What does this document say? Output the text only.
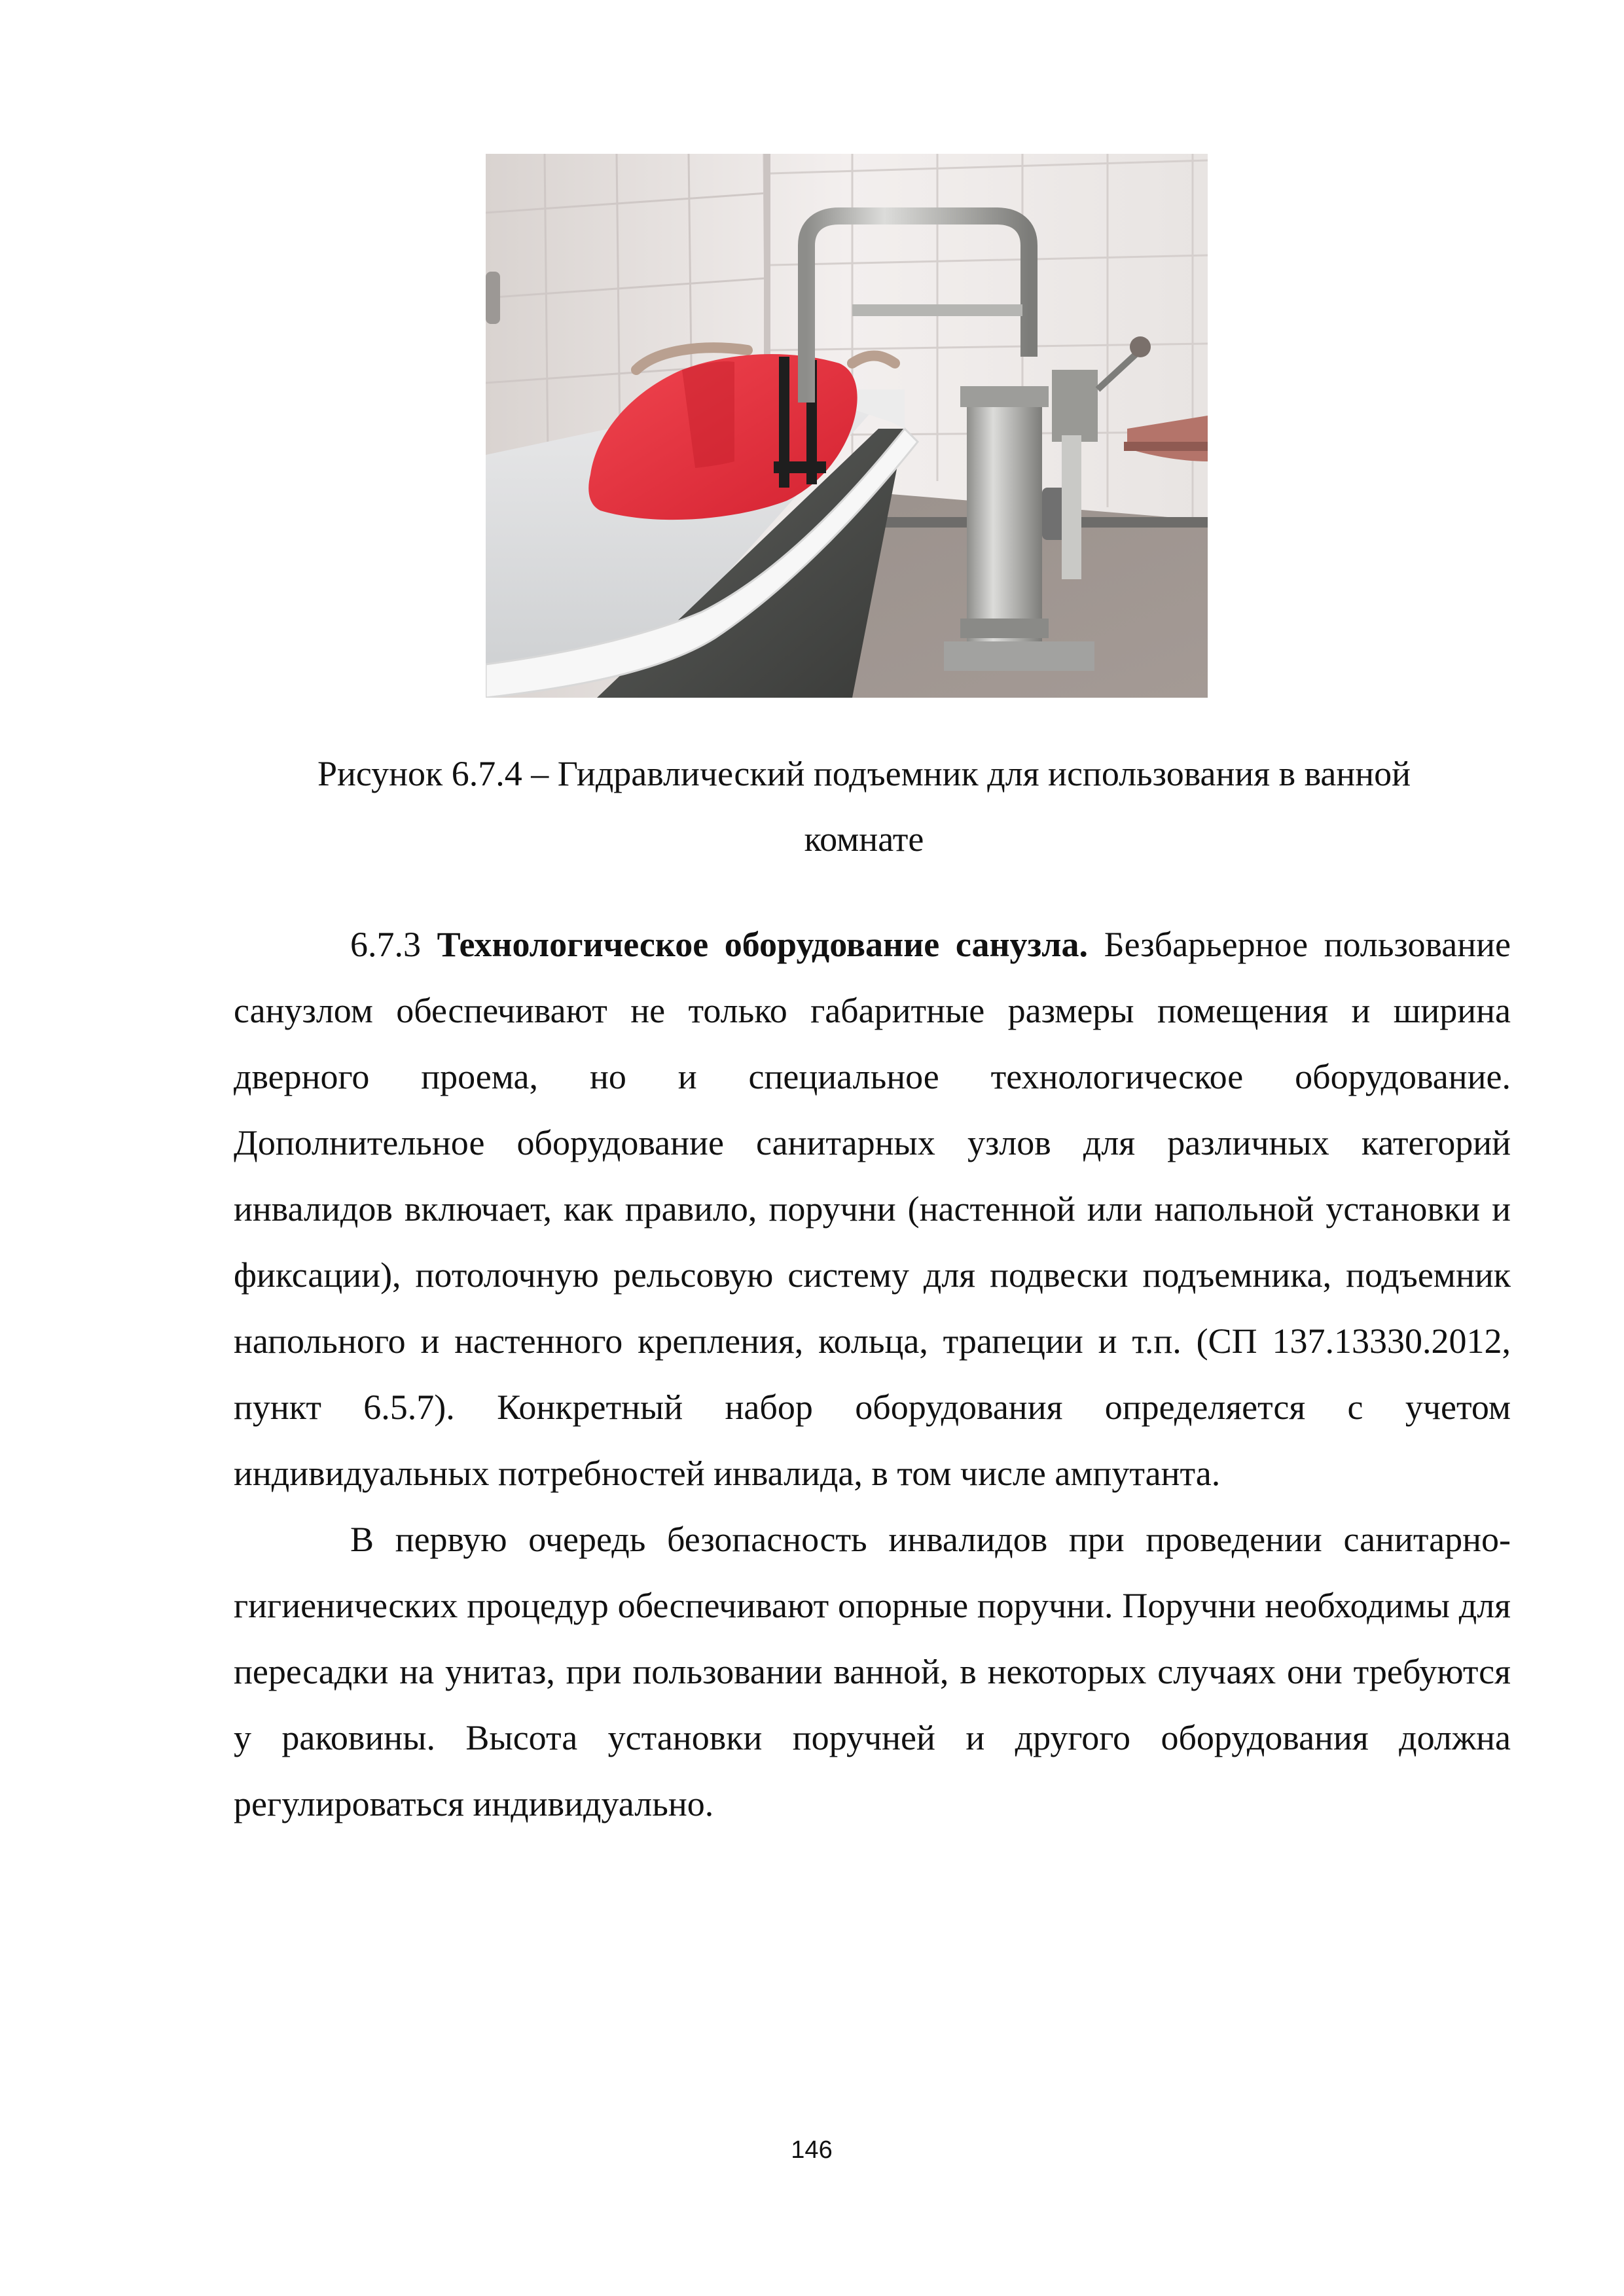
Рисунок 6.7.4 – Гидравлический подъемник для использования в ванной
комнате

6.7.3 Технологическое оборудование санузла. Безбарьерное пользование санузлом обеспечивают не только габаритные размеры помещения и ширина дверного проема, но и специальное технологическое оборудование. Дополнительное оборудование санитарных узлов для различных категорий инвалидов включает, как правило, поручни (настенной или напольной установки и фиксации), потолочную рельсовую систему для подвески подъемника, подъемник напольного и настенного крепления, кольца, трапеции и т.п. (СП 137.13330.2012, пункт 6.5.7). Конкретный набор оборудования определяется с учетом индивидуальных потребностей инвалида, в том числе ампутанта.

В первую очередь безопасность инвалидов при проведении санитарно-гигиенических процедур обеспечивают опорные поручни. Поручни необходимы для пересадки на унитаз, при пользовании ванной, в некоторых случаях они требуются у раковины. Высота установки поручней и другого оборудования должна регулироваться индивидуально.

146
